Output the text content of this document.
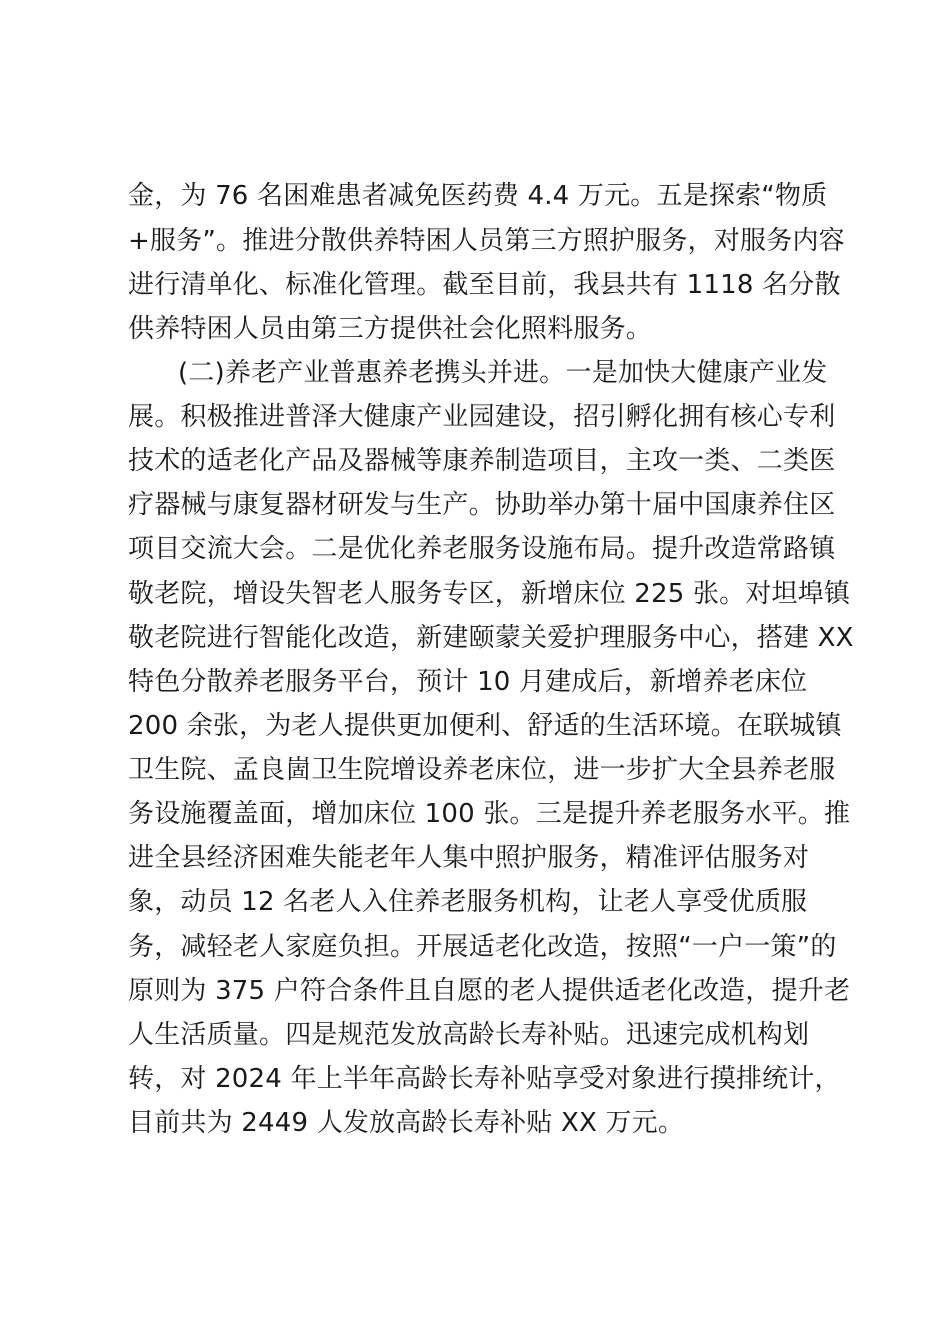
金，为 76 名困难患者减免医药费 4.4 万元。五是探索“物质
+服务”。推进分散供养特困人员第三方照护服务，对服务内容
进行清单化、标准化管理。截至目前，我县共有 1118 名分散
供养特困人员由第三方提供社会化照料服务。
(二)养老产业普惠养老携头并进。一是加快大健康产业发
展。积极推进普泽大健康产业园建设，招引孵化拥有核心专利
技术的适老化产品及器械等康养制造项目，主攻一类、二类医
疗器械与康复器材研发与生产。协助举办第十届中国康养住区
项目交流大会。二是优化养老服务设施布局。提升改造常路镇
敬老院，增设失智老人服务专区，新增床位 225 张。对坦埠镇
敬老院进行智能化改造，新建颐蒙关爱护理服务中心，搭建 XX
特色分散养老服务平台，预计 10 月建成后，新增养老床位
200 余张，为老人提供更加便利、舒适的生活环境。在联城镇
卫生院、孟良崮卫生院增设养老床位，进一步扩大全县养老服
务设施覆盖面，增加床位 100 张。三是提升养老服务水平。推
进全县经济困难失能老年人集中照护服务，精准评估服务对
象，动员 12 名老人入住养老服务机构，让老人享受优质服
务，减轻老人家庭负担。开展适老化改造，按照“一户一策”的
原则为 375 户符合条件且自愿的老人提供适老化改造，提升老
人生活质量。四是规范发放高龄长寿补贴。迅速完成机构划
转，对 2024 年上半年高龄长寿补贴享受对象进行摸排统计，
目前共为 2449 人发放高龄长寿补贴 XX 万元。
